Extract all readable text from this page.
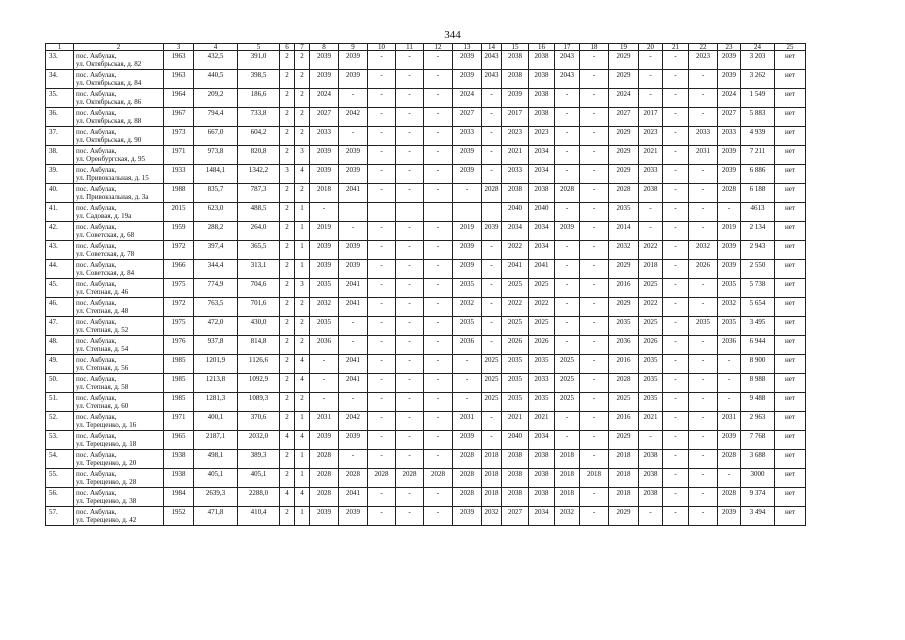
344
1	2	3	4	5	6	7	8	9	10	11	12	13	14	15	16	17	18	19	20	21	22	23	24	25
33.	пос. Акбулак,
ул. Октябрьская, д. 82	1963	432,5	391,0	2	2	2039	2039	-	-	-	2039	2043	2038	2038	2043	-	2029	-	-	2023	2039	3 203	нет
34.	пос. Акбулак,
ул. Октябрьская, д. 84	1963	440,5	398,5	2	2	2039	2039	-	-	-	2039	2043	2038	2038	2043	-	2029	-	-	-	2039	3 262	нет
35.	пос. Акбулак,
ул. Октябрьская, д. 86	1964	209,2	186,6	2	2	2024	-	-	-	-	2024	-	2039	2038	-	-	2024	-	-	-	2024	1 549	нет
36.	пос. Акбулак,
ул. Октябрьская, д. 88	1967	794,4	733,8	2	2	2027	2042	-	-	-	2027	-	2017	2038	-	-	2027	2017	-	-	2027	5 883	нет
37.	пос. Акбулак,
ул. Октябрьская, д. 90	1973	667,0	604,2	2	2	2033	-	-	-	-	2033	-	2023	2023	-	-	2029	2023	-	2033	2033	4 939	нет
38.	пос. Акбулак,
ул. Оренбургская, д. 95	1971	973,8	820,8	2	3	2039	2039	-	-	-	2039	-	2021	2034	-	-	2029	2021	-	2031	2039	7 211	нет
39.	пос. Акбулак,
ул. Привокзальная, д. 15	1933	1484,1	1342,2	3	4	2039	2039	-	-	-	2039	-	2033	2034	-	-	2029	2033	-	-	2039	6 886	нет
40.	пос. Акбулак,
ул. Привокзальная, д. 3а	1988	835,7	787,3	2	2	2018	2041	-	-	-	-	2028	2038	2038	2028	-	2028	2038	-	-	2028	6 188	нет
41.	пос. Акбулак,
ул. Садовая, д. 19а	2015	623,0	488,5	2	1	-							2040	2040	-	-	2035	-	-	-	-	4613	нет
42.	пос. Акбулак,
ул. Советская, д. 68	1959	288,2	264,0	2	1	2019	-	-	-	-	2019	2039	2034	2034	2039	-	2014	-	-	-	2019	2 134	нет
43.	пос. Акбулак,
ул. Советская, д. 78	1972	397,4	365,5	2	1	2039	2039	-	-	-	2039	-	2022	2034	-	-	2032	2022	-	2032	2039	2 943	нет
44.	пос. Акбулак,
ул. Советская, д. 84	1966	344,4	313,1	2	1	2039	2039	-	-	-	2039	-	2041	2041	-	-	2029	2018	-	2026	2039	2 550	нет
45.	пос. Акбулак,
ул. Степная, д. 46	1975	774,9	704,6	2	3	2035	2041	-	-	-	2035	-	2025	2025	-	-	2016	2025	-	-	2035	5 738	нет
46.	пос. Акбулак,
ул. Степная, д. 48	1972	763,5	701,6	2	2	2032	2041	-	-	-	2032	-	2022	2022	-	-	2029	2022	-	-	2032	5 654	нет
47.	пос. Акбулак,
ул. Степная, д. 52	1975	472,0	430,0	2	2	2035	-	-	-	-	2035	-	2025	2025	-	-	2035	2025	-	2035	2035	3 495	нет
48.	пос. Акбулак,
ул. Степная, д. 54	1976	937,8	814,8	2	2	2036	-	-	-	-	2036	-	2026	2026	-	-	2036	2026	-	-	2036	6 944	нет
49.	пос. Акбулак,
ул. Степная, д. 56	1985	1201,9	1126,6	2	4	-	2041	-	-	-	-	2025	2035	2035	2025	-	2016	2035	-	-	-	8 900	нет
50.	пос. Акбулак,
ул. Степная, д. 58	1985	1213,8	1092,9	2	4	-	2041	-	-	-	-	2025	2035	2033	2025	-	2028	2035	-	-	-	8 988	нет
51.	пос. Акбулак,
ул. Степная, д. 60	1985	1281,3	1089,3	2	2	-	-	-	-	-	-	2025	2035	2035	2025	-	2025	2035	-	-	-	9 488	нет
52.	пос. Акбулак,
ул. Терещенко, д. 16	1971	400,1	370,6	2	1	2031	2042	-	-	-	2031	-	2021	2021	-	-	2016	2021	-	-	2031	2 963	нет
53.	пос. Акбулак,
ул. Терещенко, д. 18	1965	2187,1	2032,0	4	4	2039	2039	-	-	-	2039	-	2040	2034	-	-	2029	-	-	-	2039	7 768	нет
54.	пос. Акбулак,
ул. Терещенко, д. 20	1938	498,1	389,3	2	1	2028	-	-	-	-	2028	2018	2038	2038	2018	-	2018	2038	-	-	2028	3 688	нет
55.	пос. Акбулак,
ул. Терещенко, д. 28	1938	405,1	405,1	2	1	2028	2028	2028	2028	2028	2028	2018	2038	2038	2018	2018	2018	2038	-	-	-	3000	нет
56.	пос. Акбулак,
ул. Терещенко, д. 38	1984	2639,3	2288,0	4	4	2028	2041	-	-	-	2028	2018	2038	2038	2018	-	2018	2038	-	-	2028	9 374	нет
57.	пос. Акбулак,
ул. Терещенко, д. 42	1952	471,8	410,4	2	1	2039	2039	-	-	-	2039	2032	2027	2034	2032	-	2029	-	-	-	2039	3 494	нет
